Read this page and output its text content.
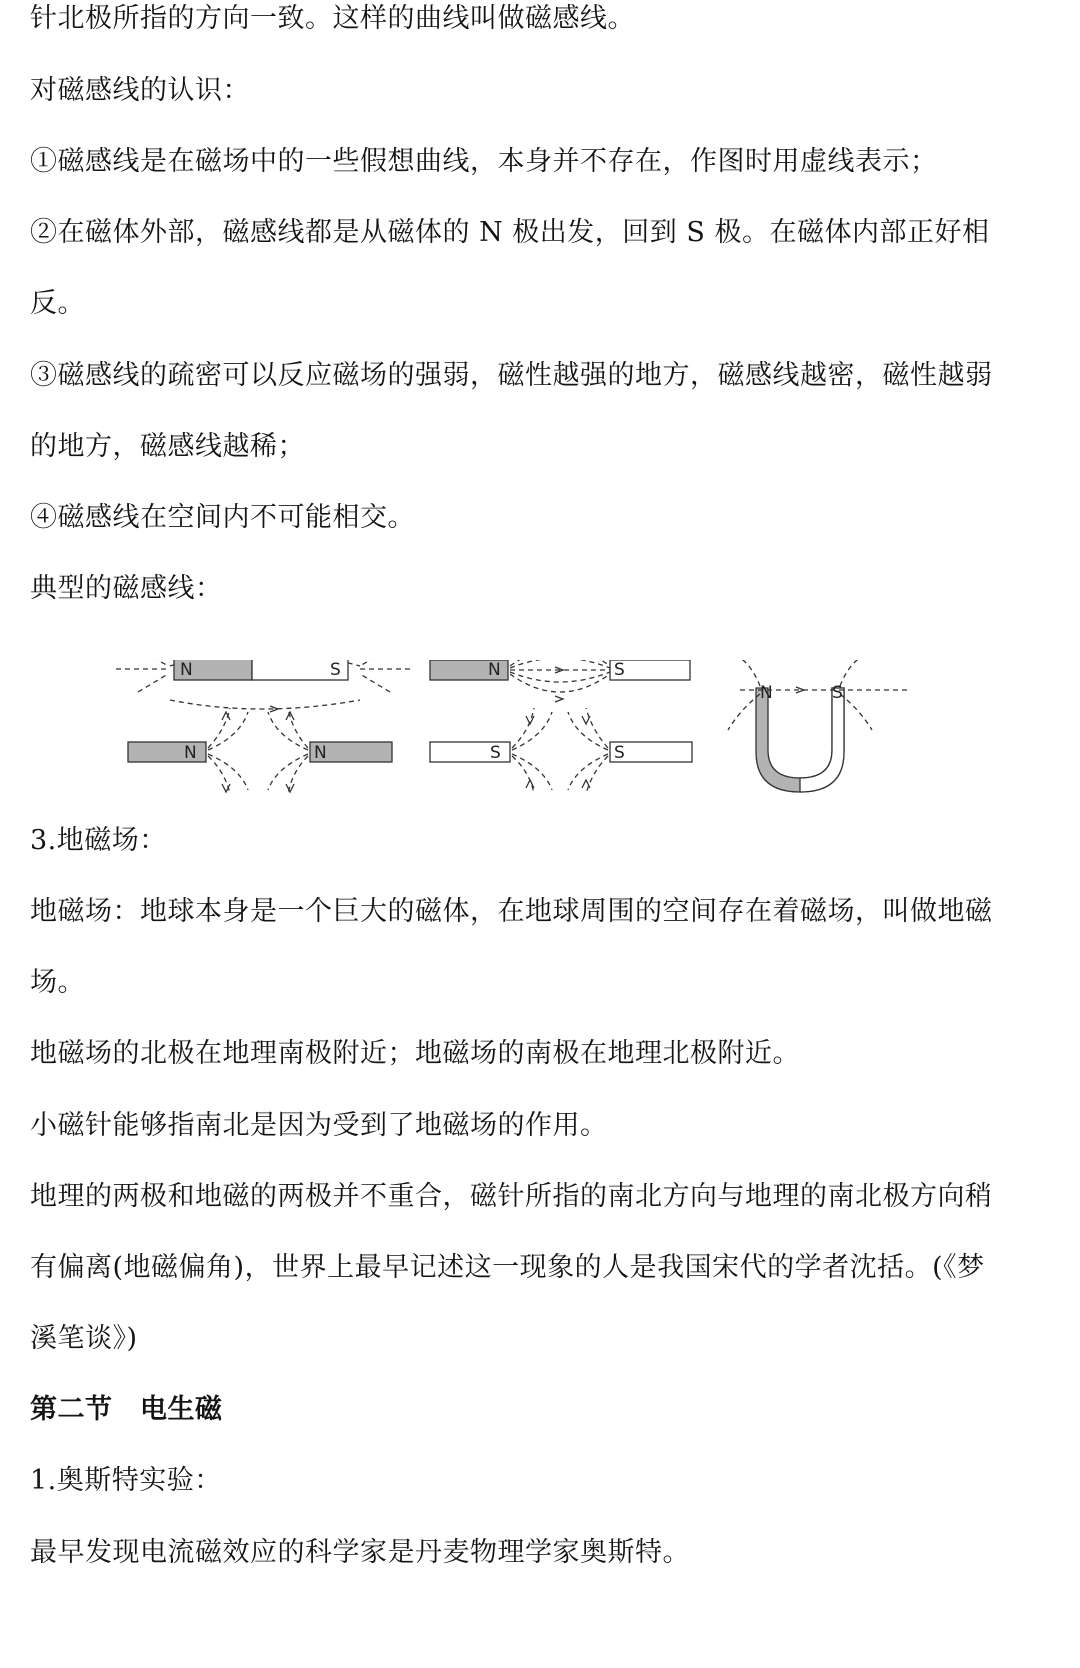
针北极所指的方向一致。这样的曲线叫做磁感线。
对磁感线的认识：
①磁感线是在磁场中的一些假想曲线，本身并不存在，作图时用虚线表示；
②在磁体外部，磁感线都是从磁体的 N 极出发，回到 S 极。在磁体内部正好相
反。
③磁感线的疏密可以反应磁场的强弱，磁性越强的地方，磁感线越密，磁性越弱
的地方，磁感线越稀；
④磁感线在空间内不可能相交。
典型的磁感线：
N	S	N	S
N	S
N	N	S	S
3.地磁场：
地磁场：地球本身是一个巨大的磁体，在地球周围的空间存在着磁场，叫做地磁
场。
地磁场的北极在地理南极附近；地磁场的南极在地理北极附近。
小磁针能够指南北是因为受到了地磁场的作用。
地理的两极和地磁的两极并不重合，磁针所指的南北方向与地理的南北极方向稍
有偏离(地磁偏角)，世界上最早记述这一现象的人是我国宋代的学者沈括。(《梦
溪笔谈》)
第二节　电生磁
1.奥斯特实验：
最早发现电流磁效应的科学家是丹麦物理学家奥斯特。
